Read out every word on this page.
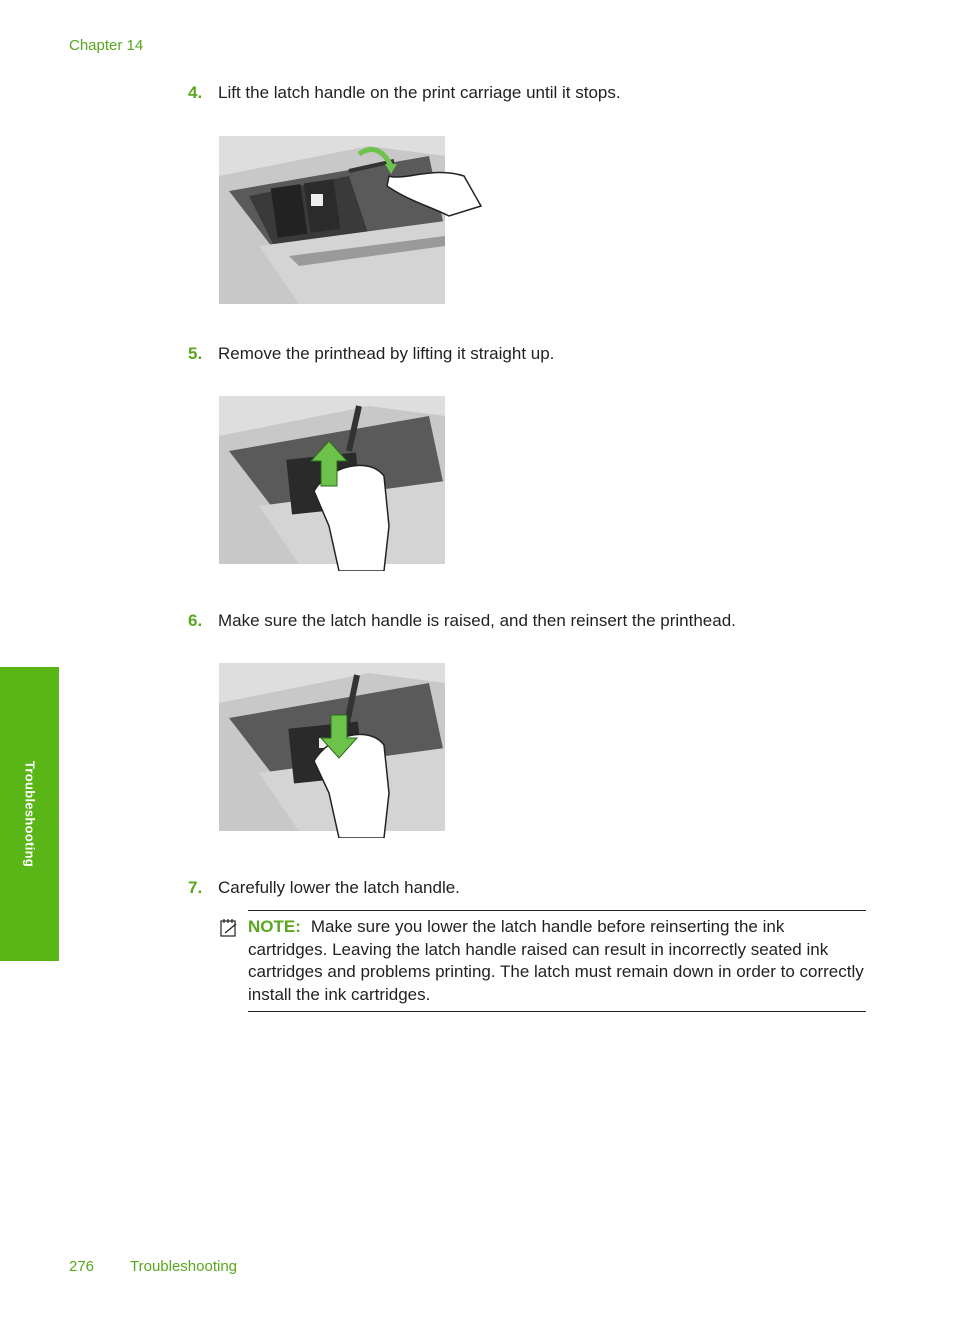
Chapter 14
4. Lift the latch handle on the print carriage until it stops.
5. Remove the printhead by lifting it straight up.
6. Make sure the latch handle is raised, and then reinsert the printhead.
7. Carefully lower the latch handle.
NOTE: Make sure you lower the latch handle before reinserting the ink cartridges. Leaving the latch handle raised can result in incorrectly seated ink cartridges and problems printing. The latch must remain down in order to correctly install the ink cartridges.
Troubleshooting
276 Troubleshooting
